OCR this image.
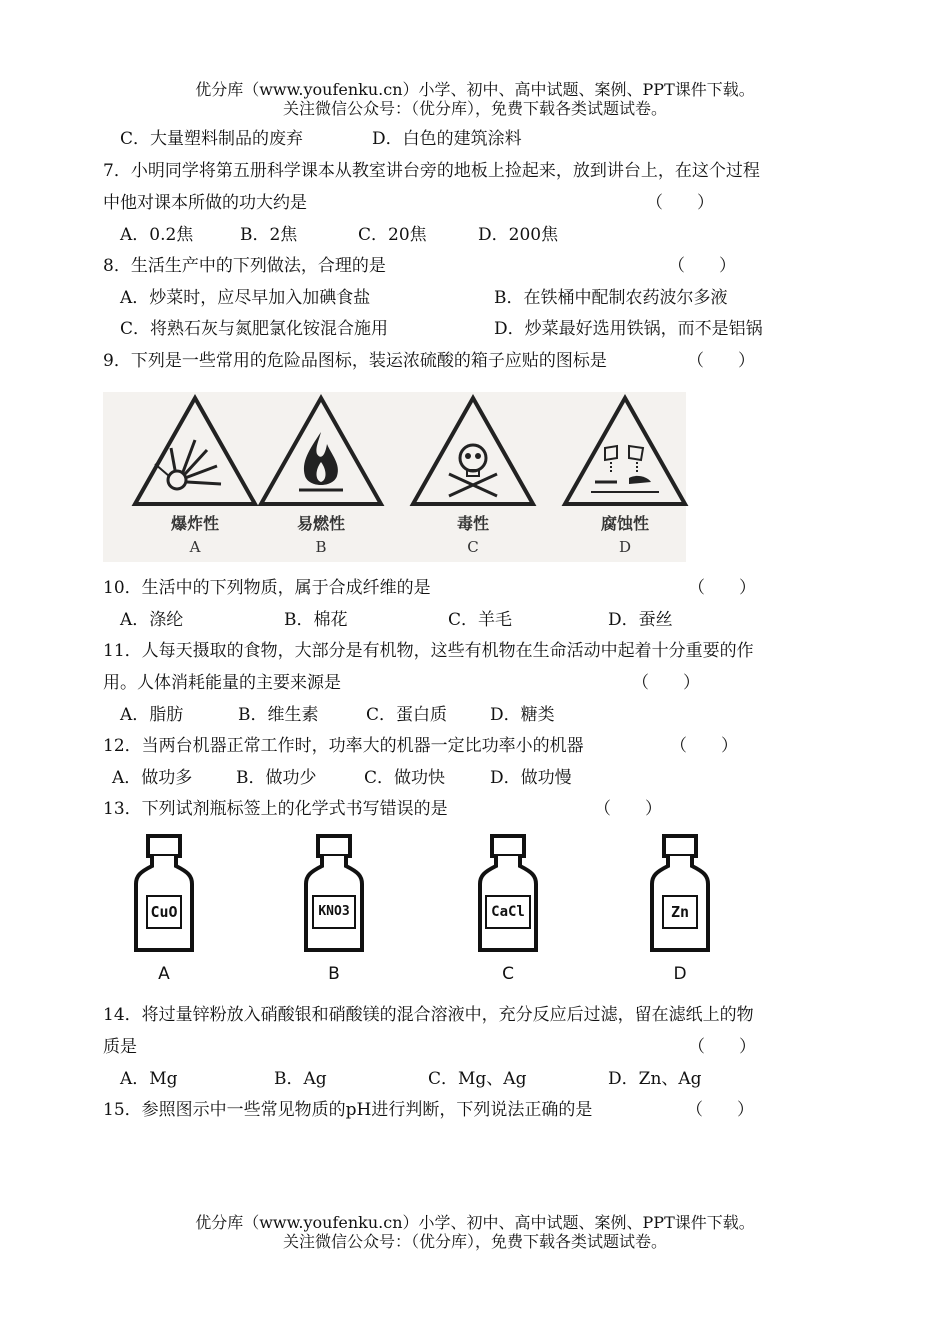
优分库（www.youfenku.cn）小学、初中、高中试题、案例、PPT课件下载。
关注微信公众号：（优分库），免费下载各类试题试卷。
C．大量塑料制品的废弃	D．白色的建筑涂料
7．小明同学将第五册科学课本从教室讲台旁的地板上捡起来，放到讲台上，在这个过程
中他对课本所做的功大约是	（　　）
A．0.2焦	B．2焦	C．20焦	D．200焦
8．生活生产中的下列做法，合理的是	（　　）
A．炒菜时，应尽早加入加碘食盐	B．在铁桶中配制农药波尔多液
C．将熟石灰与氮肥氯化铵混合施用	D．炒菜最好选用铁锅，而不是铝锅
9．下列是一些常用的危险品图标，装运浓硫酸的箱子应贴的图标是	（　　）
爆炸性
A
易燃性
B
毒性
C
腐蚀性
D
10．生活中的下列物质，属于合成纤维的是	（　　）
A．涤纶	B．棉花	C．羊毛	D．蚕丝
11．人每天摄取的食物，大部分是有机物，这些有机物在生命活动中起着十分重要的作
用。人体消耗能量的主要来源是	（　　）
A．脂肪	B．维生素	C．蛋白质	D．糖类
12．当两台机器正常工作时，功率大的机器一定比功率小的机器	（　　）
A．做功多	B．做功少	C．做功快	D．做功慢
13．下列试剂瓶标签上的化学式书写错误的是	（　　）
CuO
A
KNO3
B
CaCl
C
Zn
D
14．将过量锌粉放入硝酸银和硝酸镁的混合溶液中，充分反应后过滤，留在滤纸上的物
质是	（　　）
A．Mg	B．Ag	C．Mg、Ag	D．Zn、Ag
15．参照图示中一些常见物质的pH进行判断，下列说法正确的是	（　　）
优分库（www.youfenku.cn）小学、初中、高中试题、案例、PPT课件下载。
关注微信公众号：（优分库），免费下载各类试题试卷。
